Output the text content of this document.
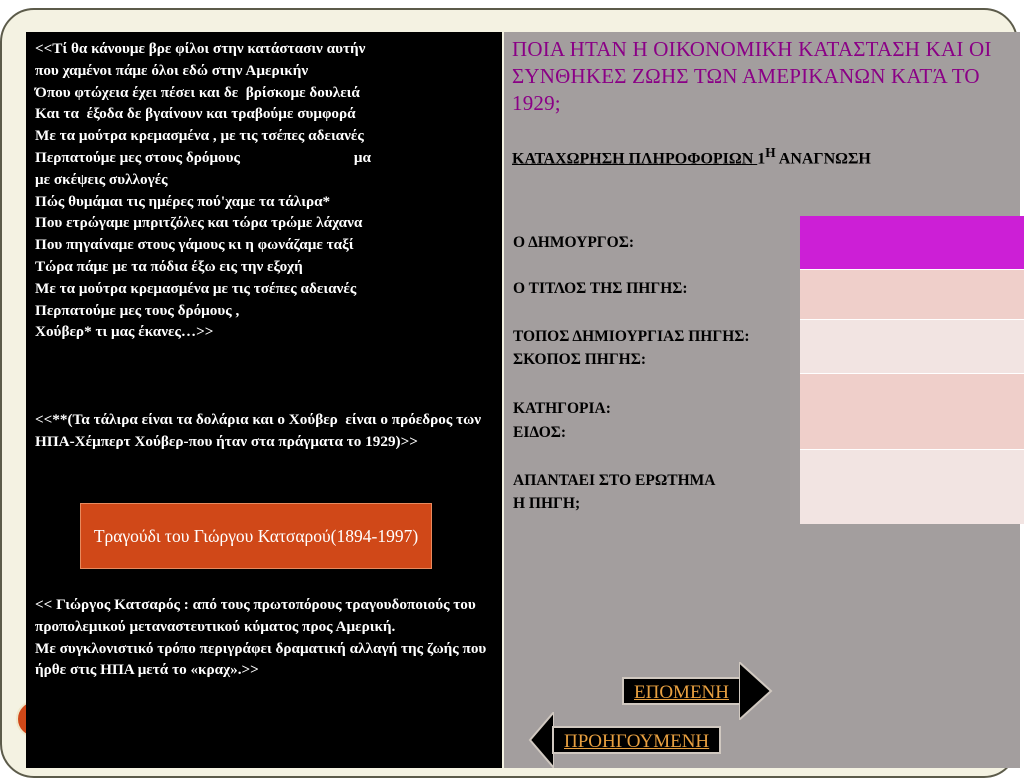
<<Τί θα κάνουμε βρε φίλοι στην κατάστασιν αυτήν

που χαμένοι πάμε όλοι εδώ στην Αμερικήν

Όπου φτώχεια έχει πέσει και δε  βρίσκομε δουλειά

Και τα  έξοδα δε βγαίνουν και τραβούμε συμφορά

Με τα μούτρα κρεμασμένα , με τις τσέπες αδειανές

Περπατούμε μες στους δρόμους                              μα

με σκέψεις συλλογές

Πώς θυμάμαι τις ημέρες πού'χαμε τα τάλιρα*

Που ετρώγαμε μπριτζόλες και τώρα τρώμε λάχανα

Που πηγαίναμε στους γάμους κι η φωνάζαμε ταξί

Τώρα πάμε με τα πόδια έξω εις την εξοχή

Με τα μούτρα κρεμασμένα με τις τσέπες αδειανές

Περπατούμε μες τους δρόμους ,

Χούβερ* τι μας έκανες…>>

<<**(Τα τάλιρα είναι τα δολάρια και ο Χούβερ  είναι ο πρόεδρος των ΗΠΑ-Χέμπερτ Χούβερ-που ήταν στα πράγματα το 1929)>>

Τραγούδι του Γιώργου Κατσαρού(1894-1997)

<< Γιώργος Κατσαρός : από τους πρωτοπόρους τραγουδοποιούς του προπολεμικού μεταναστευτικού κύματος προς Αμερική.
Με συγκλονιστικό τρόπο περιγράφει δραματική αλλαγή της ζωής που ήρθε στις ΗΠΑ μετά το «κραχ».>>

ΠΟΙΑ ΗΤΑΝ Η ΟΙΚΟΝΟΜΙΚΗ ΚΑΤΑΣΤΑΣΗ ΚΑΙ ΟΙ ΣΥΝΘΗΚΕΣ ΖΩΗΣ ΤΩΝ ΑΜΕΡΙΚΑΝΩΝ ΚΑΤΆ ΤΟ 1929;
ΚΑΤΑΧΩΡΗΣΗ ΠΛΗΡΟΦΟΡΙΩΝ $1^H$ ΑΝΑΓΝΩΣΗ
Ο ΔΗΜΟΥΡΓΟΣ:
Ο ΤΙΤΛΟΣ ΤΗΣ ΠΗΓΗΣ:
ΤΟΠΟΣ ΔΗΜΙΟΥΡΓΙΑΣ ΠΗΓΗΣ:
ΣΚΟΠΟΣ ΠΗΓΗΣ:
ΚΑΤΗΓΟΡΙΑ:
ΕΙΔΟΣ:
ΑΠΑΝΤΑΕΙ ΣΤΟ ΕΡΩΤΗΜΑ
Η ΠΗΓΗ;
ΕΠΟΜΕΝΗ
ΠΡΟΗΓΟΥΜΕΝΗ
